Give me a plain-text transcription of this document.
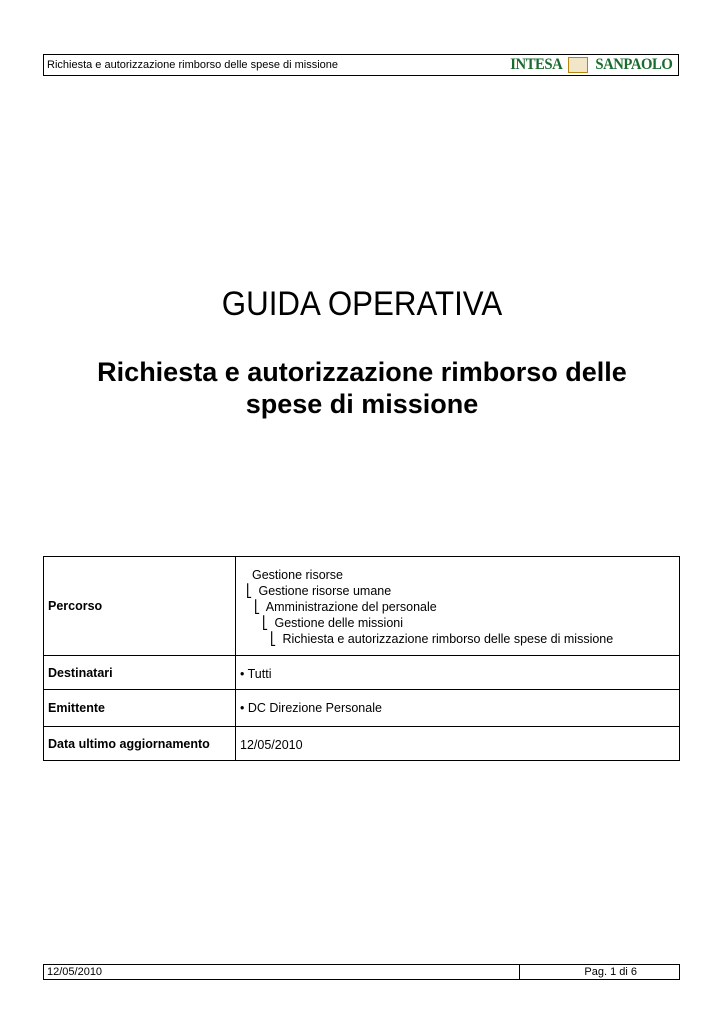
Richiesta e autorizzazione rimborso delle spese di missione	INTESA SANPAOLO
GUIDA OPERATIVA
Richiesta e autorizzazione rimborso delle spese di missione
Percorso	Gestione risorse
⎣ Gestione risorse umane
⎣ Amministrazione del personale
⎣ Gestione delle missioni
⎣ Richiesta e autorizzazione rimborso delle spese di missione

Destinatari	• Tutti

Emittente	• DC Direzione Personale

Data ultimo aggiornamento	12/05/2010
12/05/2010	Pag. 1 di 6
